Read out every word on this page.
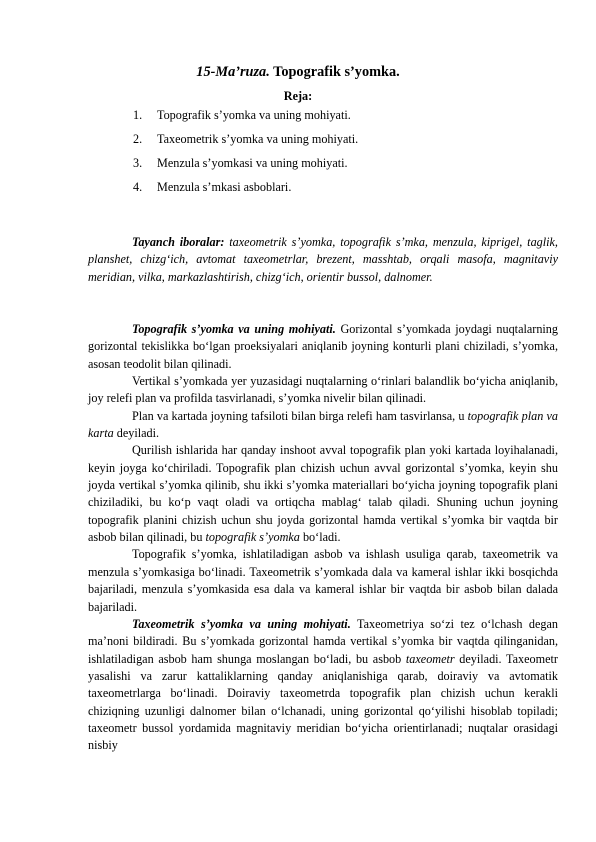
15-Ma’ruza. Topografik s’yomka.
Reja:
1. Topografik s’yomka va uning mohiyati.
2. Taxeometrik s’yomka va uning mohiyati.
3. Menzula s’yomkasi va uning mohiyati.
4. Menzula s’mkasi asboblari.

Tayanch iboralar: taxeometrik s’yomka, topografik s’mka, menzula, kiprigel, taglik, planshet, chizg‘ich, avtomat taxeometrlar, brezent, masshtab, orqali masofa, magnitaviy meridian, vilka, markazlashtirish, chizg‘ich, orientir bussol, dalnomer.

Topografik s’yomka va uning mohiyati. Gorizontal s’yomkada joydagi nuqtalarning gorizontal tekislikka bo‘lgan proeksiyalari aniqlanib joyning konturli plani chiziladi, s’yomka, asosan teodolit bilan qilinadi.

Vertikal s’yomkada yer yuzasidagi nuqtalarning o‘rinlari balandlik bo‘yicha aniqlanib, joy relefi plan va profilda tasvirlanadi, s’yomka nivelir bilan qilinadi.

Plan va kartada joyning tafsiloti bilan birga relefi ham tasvirlansa, u topografik plan va karta deyiladi.

Qurilish ishlarida har qanday inshoot avval topografik plan yoki kartada loyihalanadi, keyin joyga ko‘chiriladi. Topografik plan chizish uchun avval gorizontal s’yomka, keyin shu joyda vertikal s’yomka qilinib, shu ikki s’yomka materiallari bo‘yicha joyning topografik plani chiziladiki, bu ko‘p vaqt oladi va ortiqcha mablag‘ talab qiladi. Shuning uchun joyning topografik planini chizish uchun shu joyda gorizontal hamda vertikal s’yomka bir vaqtda bir asbob bilan qilinadi, bu topografik s’yomka bo‘ladi.

Topografik s’yomka, ishlatiladigan asbob va ishlash usuliga qarab, taxeometrik va menzula s’yomkasiga bo‘linadi. Taxeometrik s’yomkada dala va kameral ishlar ikki bosqichda bajariladi, menzula s’yomkasida esa dala va kameral ishlar bir vaqtda bir asbob bilan dalada bajariladi.

Taxeometrik s’yomka va uning mohiyati. Taxeometriya so‘zi tez o‘lchash degan ma’noni bildiradi. Bu s’yomkada gorizontal hamda vertikal s’yomka bir vaqtda qilinganidan, ishlatiladigan asbob ham shunga moslangan bo‘ladi, bu asbob taxeometr deyiladi. Taxeometr yasalishi va zarur kattaliklarning qanday aniqlanishiga qarab, doiraviy va avtomatik taxeometrlarga bo‘linadi. Doiraviy taxeometrda topografik plan chizish uchun kerakli chiziqning uzunligi dalnomer bilan o‘lchanadi, uning gorizontal qo‘yilishi hisoblab topiladi; taxeometr bussol yordamida magnitaviy meridian bo‘yicha orientirlanadi; nuqtalar orasidagi nisbiy
